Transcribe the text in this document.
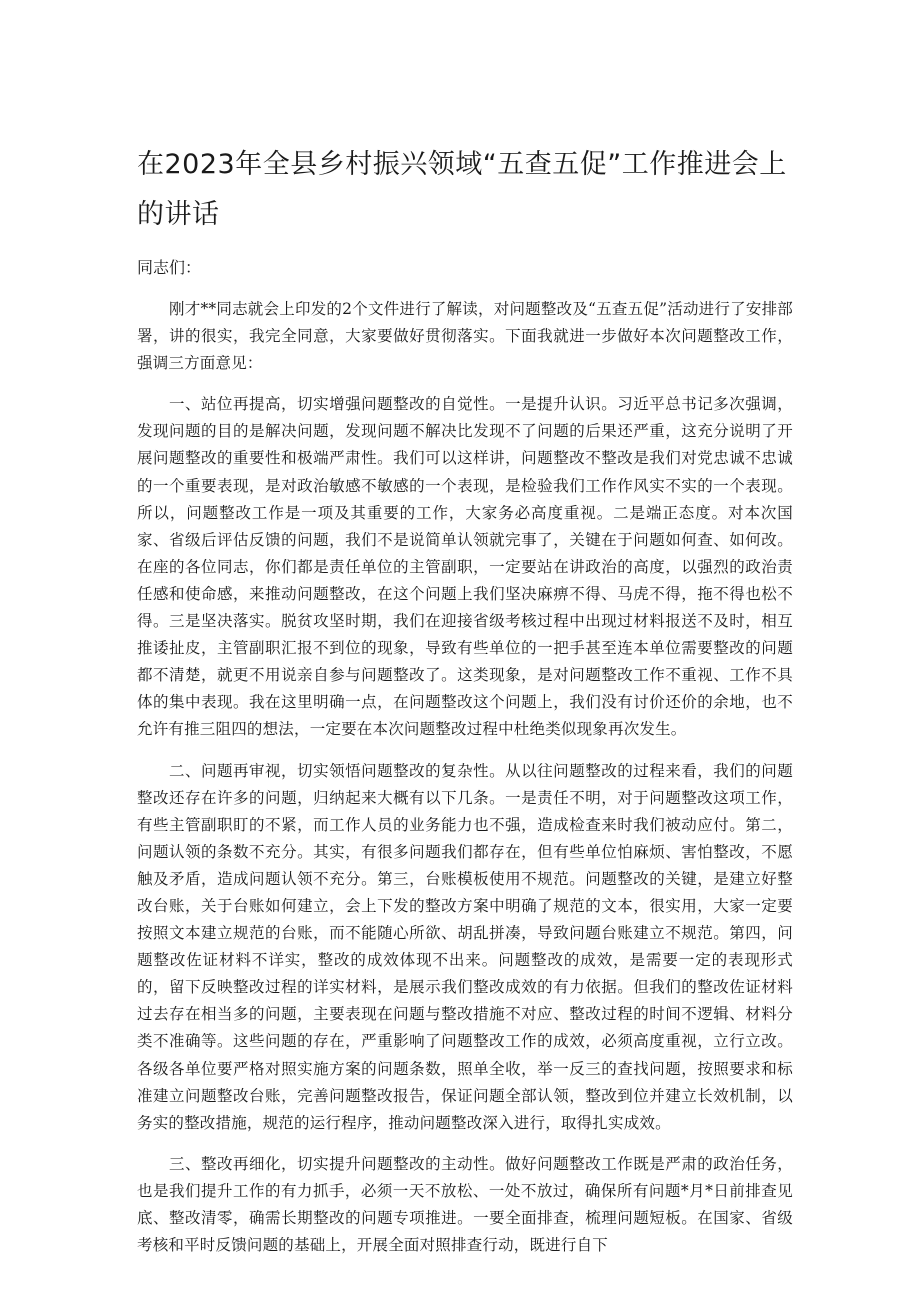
在2023年全县乡村振兴领域“五查五促”工作推进会上的讲话

同志们：

刚才**同志就会上印发的2个文件进行了解读，对问题整改及“五查五促”活动进行了安排部署，讲的很实，我完全同意，大家要做好贯彻落实。下面我就进一步做好本次问题整改工作，强调三方面意见：

一、站位再提高，切实增强问题整改的自觉性。一是提升认识。习近平总书记多次强调，发现问题的目的是解决问题，发现问题不解决比发现不了问题的后果还严重，这充分说明了开展问题整改的重要性和极端严肃性。我们可以这样讲，问题整改不整改是我们对党忠诚不忠诚的一个重要表现，是对政治敏感不敏感的一个表现，是检验我们工作作风实不实的一个表现。所以，问题整改工作是一项及其重要的工作，大家务必高度重视。二是端正态度。对本次国家、省级后评估反馈的问题，我们不是说简单认领就完事了，关键在于问题如何查、如何改。在座的各位同志，你们都是责任单位的主管副职，一定要站在讲政治的高度，以强烈的政治责任感和使命感，来推动问题整改，在这个问题上我们坚决麻痹不得、马虎不得，拖不得也松不得。三是坚决落实。脱贫攻坚时期，我们在迎接省级考核过程中出现过材料报送不及时，相互推诿扯皮，主管副职汇报不到位的现象，导致有些单位的一把手甚至连本单位需要整改的问题都不清楚，就更不用说亲自参与问题整改了。这类现象，是对问题整改工作不重视、工作不具体的集中表现。我在这里明确一点，在问题整改这个问题上，我们没有讨价还价的余地，也不允许有推三阻四的想法，一定要在本次问题整改过程中杜绝类似现象再次发生。

二、问题再审视，切实领悟问题整改的复杂性。从以往问题整改的过程来看，我们的问题整改还存在许多的问题，归纳起来大概有以下几条。一是责任不明，对于问题整改这项工作，有些主管副职盯的不紧，而工作人员的业务能力也不强，造成检查来时我们被动应付。第二，问题认领的条数不充分。其实，有很多问题我们都存在，但有些单位怕麻烦、害怕整改，不愿触及矛盾，造成问题认领不充分。第三，台账模板使用不规范。问题整改的关键，是建立好整改台账，关于台账如何建立，会上下发的整改方案中明确了规范的文本，很实用，大家一定要按照文本建立规范的台账，而不能随心所欲、胡乱拼凑，导致问题台账建立不规范。第四，问题整改佐证材料不详实，整改的成效体现不出来。问题整改的成效，是需要一定的表现形式的，留下反映整改过程的详实材料，是展示我们整改成效的有力依据。但我们的整改佐证材料过去存在相当多的问题，主要表现在问题与整改措施不对应、整改过程的时间不逻辑、材料分类不准确等。这些问题的存在，严重影响了问题整改工作的成效，必须高度重视，立行立改。各级各单位要严格对照实施方案的问题条数，照单全收，举一反三的查找问题，按照要求和标准建立问题整改台账，完善问题整改报告，保证问题全部认领，整改到位并建立长效机制，以务实的整改措施，规范的运行程序，推动问题整改深入进行，取得扎实成效。

三、整改再细化，切实提升问题整改的主动性。做好问题整改工作既是严肃的政治任务，也是我们提升工作的有力抓手，必须一天不放松、一处不放过，确保所有问题*月*日前排查见底、整改清零，确需长期整改的问题专项推进。一要全面排查，梳理问题短板。在国家、省级考核和平时反馈问题的基础上，开展全面对照排查行动，既进行自下
